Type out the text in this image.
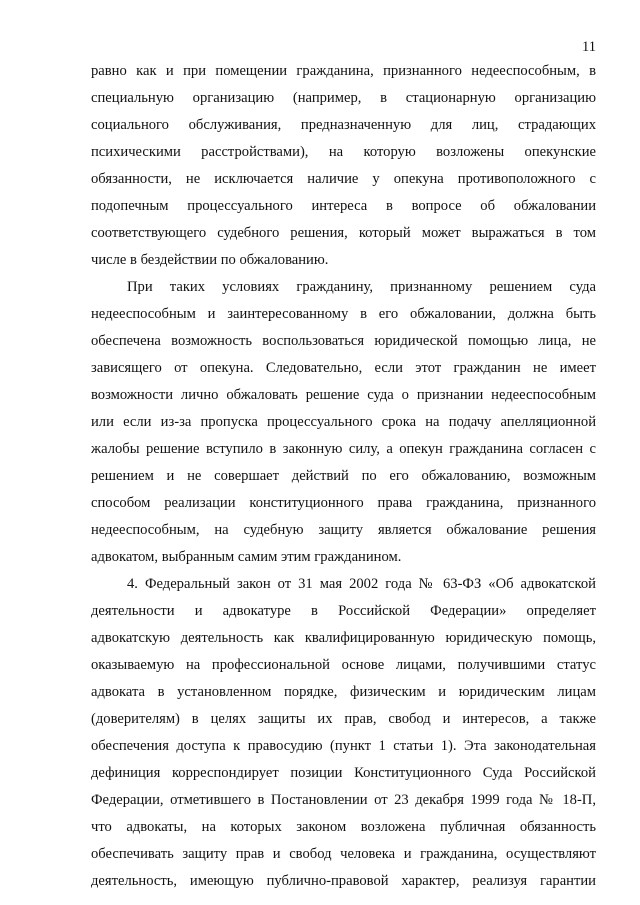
11

равно как и при помещении гражданина, признанного недееспособным, в
специальную организацию (например, в стационарную организацию
социального обслуживания, предназначенную для лиц, страдающих
психическими расстройствами), на которую возложены опекунские
обязанности, не исключается наличие у опекуна противоположного с
подопечным процессуального интереса в вопросе об обжаловании
соответствующего судебного решения, который может выражаться в том
числе в бездействии по обжалованию.

При таких условиях гражданину, признанному решением суда
недееспособным и заинтересованному в его обжаловании, должна быть
обеспечена возможность воспользоваться юридической помощью лица, не
зависящего от опекуна. Следовательно, если этот гражданин не имеет
возможности лично обжаловать решение суда о признании недееспособным
или если из-за пропуска процессуального срока на подачу апелляционной
жалобы решение вступило в законную силу, а опекун гражданина согласен с
решением и не совершает действий по его обжалованию, возможным
способом реализации конституционного права гражданина, признанного
недееспособным, на судебную защиту является обжалование решения
адвокатом, выбранным самим этим гражданином.

4. Федеральный закон от 31 мая 2002 года № 63-ФЗ «Об адвокатской
деятельности и адвокатуре в Российской Федерации» определяет
адвокатскую деятельность как квалифицированную юридическую помощь,
оказываемую на профессиональной основе лицами, получившими статус
адвоката в установленном порядке, физическим и юридическим лицам
(доверителям) в целях защиты их прав, свобод и интересов, а также
обеспечения доступа к правосудию (пункт 1 статьи 1). Эта законодательная
дефиниция корреспондирует позиции Конституционного Суда Российской
Федерации, отметившего в Постановлении от 23 декабря 1999 года № 18-П,
что адвокаты, на которых законом возложена публичная обязанность
обеспечивать защиту прав и свобод человека и гражданина, осуществляют
деятельность, имеющую публично-правовой характер, реализуя гарантии
